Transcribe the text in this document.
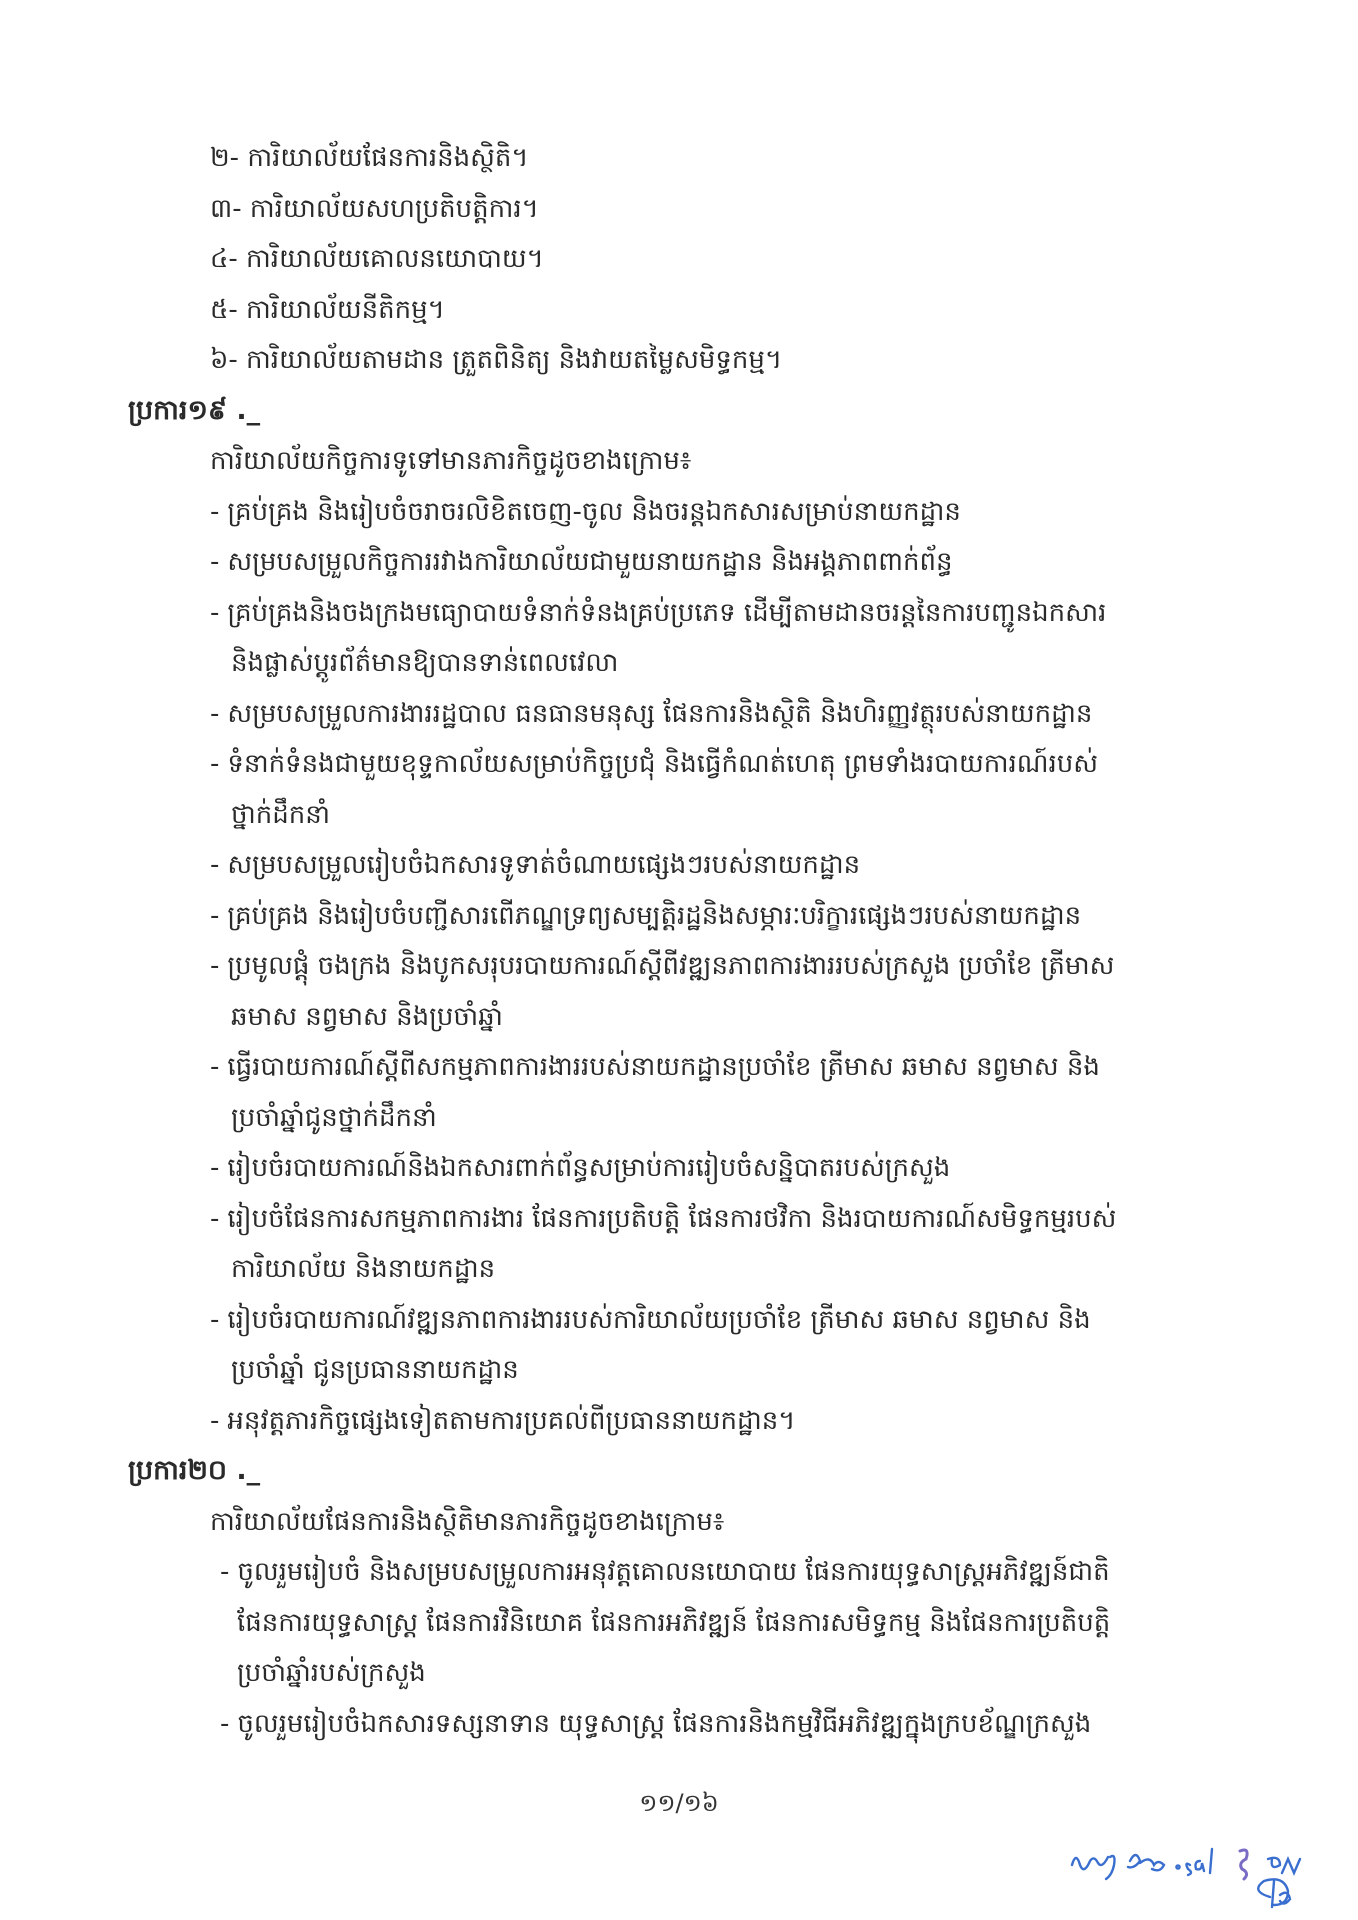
២- ការិយាល័យផែនការនិងស្ថិតិ។
៣- ការិយាល័យសហប្រតិបត្តិការ។
៤- ការិយាល័យគោលនយោបាយ។
៥- ការិយាល័យនីតិកម្ម។
៦- ការិយាល័យតាមដាន ត្រួតពិនិត្យ និងវាយតម្លៃសមិទ្ធកម្ម។
ប្រការ១៩ ._
ការិយាល័យកិច្ចការទូទៅមានភារកិច្ចដូចខាងក្រោម៖
- គ្រប់គ្រង និងរៀបចំចរាចរលិខិតចេញ-ចូល និងចរន្តឯកសារសម្រាប់នាយកដ្ឋាន
- សម្របសម្រួលកិច្ចការរវាងការិយាល័យជាមួយនាយកដ្ឋាន និងអង្គភាពពាក់ព័ន្ធ
- គ្រប់គ្រងនិងចងក្រងមធ្យោបាយទំនាក់ទំនងគ្រប់ប្រភេទ ដើម្បីតាមដានចរន្តនៃការបញ្ជូនឯកសារ
និងផ្លាស់ប្តូរព័ត៌មានឱ្យបានទាន់ពេលវេលា
- សម្របសម្រួលការងាររដ្ឋបាល ធនធានមនុស្ស ផែនការនិងស្ថិតិ និងហិរញ្ញវត្ថុរបស់នាយកដ្ឋាន
- ទំនាក់ទំនងជាមួយខុទ្ទកាល័យសម្រាប់កិច្ចប្រជុំ និងធ្វើកំណត់ហេតុ ព្រមទាំងរបាយការណ៍របស់
ថ្នាក់ដឹកនាំ
- សម្របសម្រួលរៀបចំឯកសារទូទាត់ចំណាយផ្សេងៗរបស់នាយកដ្ឋាន
- គ្រប់គ្រង និងរៀបចំបញ្ជីសារពើភណ្ឌទ្រព្យសម្បត្តិរដ្ឋនិងសម្ភារៈបរិក្ខារផ្សេងៗរបស់នាយកដ្ឋាន
- ប្រមូលផ្តុំ ចងក្រង និងបូកសរុបរបាយការណ៍ស្តីពីវឌ្ឍនភាពការងាររបស់ក្រសួង ប្រចាំខែ ត្រីមាស
ឆមាស នព្វមាស និងប្រចាំឆ្នាំ
- ធ្វើរបាយការណ៍ស្តីពីសកម្មភាពការងាររបស់នាយកដ្ឋានប្រចាំខែ ត្រីមាស ឆមាស នព្វមាស និង
ប្រចាំឆ្នាំជូនថ្នាក់ដឹកនាំ
- រៀបចំរបាយការណ៍និងឯកសារពាក់ព័ន្ធសម្រាប់ការរៀបចំសន្និបាតរបស់ក្រសួង
- រៀបចំផែនការសកម្មភាពការងារ ផែនការប្រតិបត្តិ ផែនការថវិកា និងរបាយការណ៍សមិទ្ធកម្មរបស់
ការិយាល័យ និងនាយកដ្ឋាន
- រៀបចំរបាយការណ៍វឌ្ឍនភាពការងាររបស់ការិយាល័យប្រចាំខែ ត្រីមាស ឆមាស នព្វមាស និង
ប្រចាំឆ្នាំ ជូនប្រធាននាយកដ្ឋាន
- អនុវត្តភារកិច្ចផ្សេងទៀតតាមការប្រគល់ពីប្រធាននាយកដ្ឋាន។
ប្រការ២០ ._
ការិយាល័យផែនការនិងស្ថិតិមានភារកិច្ចដូចខាងក្រោម៖
- ចូលរួមរៀបចំ និងសម្របសម្រួលការអនុវត្តគោលនយោបាយ ផែនការយុទ្ធសាស្ត្រអភិវឌ្ឍន៍ជាតិ
ផែនការយុទ្ធសាស្ត្រ ផែនការវិនិយោគ ផែនការអភិវឌ្ឍន៍ ផែនការសមិទ្ធកម្ម និងផែនការប្រតិបត្តិ
ប្រចាំឆ្នាំរបស់ក្រសួង
- ចូលរួមរៀបចំឯកសារទស្សនាទាន យុទ្ធសាស្ត្រ ផែនការនិងកម្មវិធីអភិវឌ្ឍក្នុងក្របខ័ណ្ឌក្រសួង
១១/១៦
